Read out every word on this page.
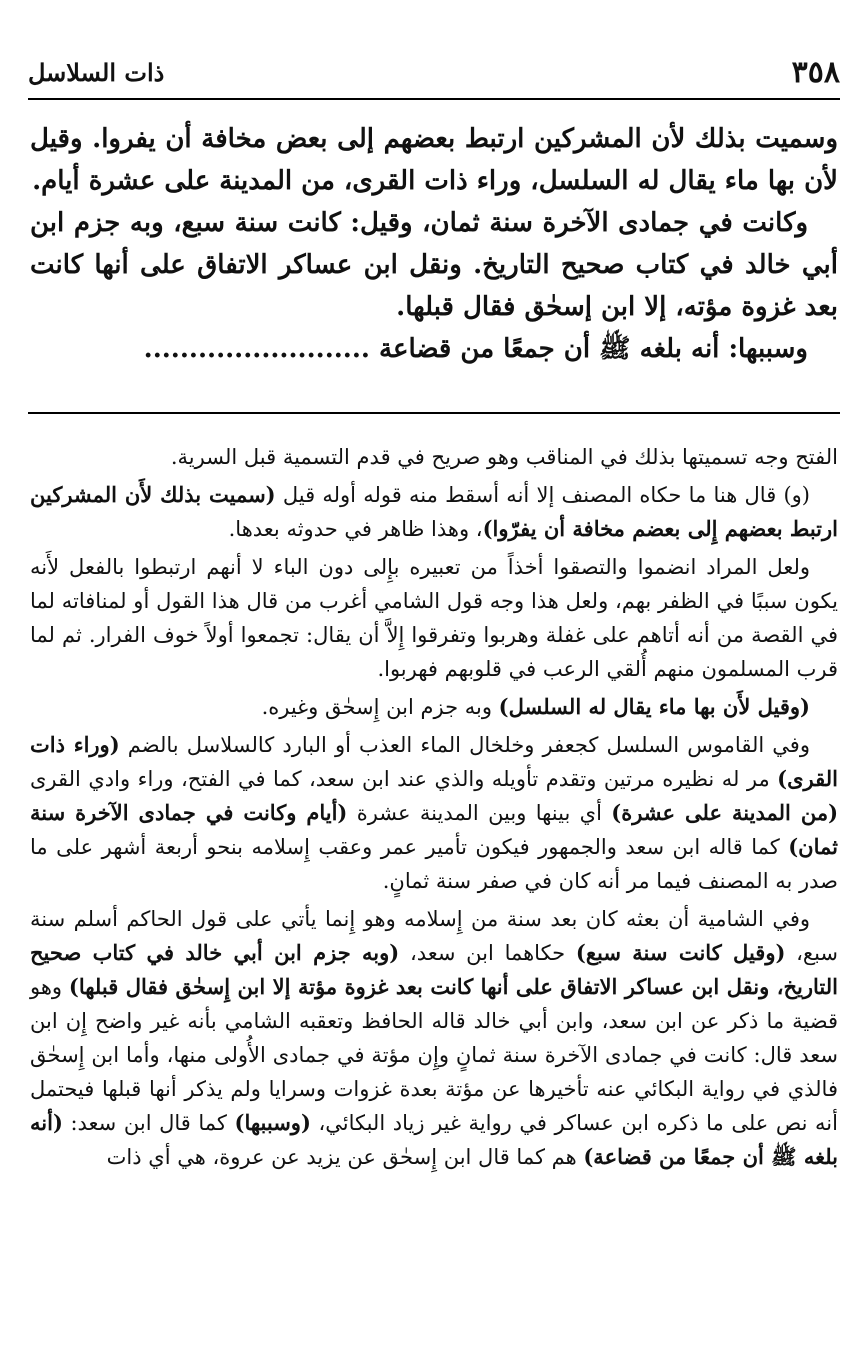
٣٥٨
ذات السلاسل

وسميت بذلك لأن المشركين ارتبط بعضهم إلى بعض مخافة أن يفروا. وقيل لأن بها ماء يقال له السلسل، وراء ذات القرى، من المدينة على عشرة أيام.

وكانت في جمادى الآخرة سنة ثمان، وقيل: كانت سنة سبع، وبه جزم ابن أبي خالد في كتاب صحيح التاريخ. ونقل ابن عساكر الاتفاق على أنها كانت بعد غزوة مؤته، إلا ابن إسحٰق فقال قبلها.

وسببها: أنه بلغه ﷺ أن جمعًا من قضاعة .........................

الفتح وجه تسميتها بذلك في المناقب وهو صريح في قدم التسمية قبل السرية.

(و) قال هنا ما حكاه المصنف إلا أنه أسقط منه قوله أوله قيل (سميت بذلك لأَن المشركين ارتبط بعضهم إِلى بعضم مخافة أن يفرّوا)، وهذا ظاهر في حدوثه بعدها.

ولعل المراد انضموا والتصقوا أخذاً من تعبيره بإِلى دون الباء لا أنهم ارتبطوا بالفعل لأَنه يكون سببًا في الظفر بهم، ولعل هذا وجه قول الشامي أغرب من قال هذا القول أو لمنافاته لما في القصة من أنه أتاهم على غفلة وهربوا وتفرقوا إِلاَّ أن يقال: تجمعوا أولاً خوف الفرار. ثم لما قرب المسلمون منهم أُلقي الرعب في قلوبهم فهربوا.

(وقيل لأَن بها ماء يقال له السلسل) وبه جزم ابن إِسحٰق وغيره.

وفي القاموس السلسل كجعفر وخلخال الماء العذب أو البارد كالسلاسل بالضم (وراء ذات القرى) مر له نظيره مرتين وتقدم تأويله والذي عند ابن سعد، كما في الفتح، وراء وادي القرى (من المدينة على عشرة) أي بينها وبين المدينة عشرة (أيام وكانت في جمادى الآخرة سنة ثمان) كما قاله ابن سعد والجمهور فيكون تأمير عمر وعقب إِسلامه بنحو أربعة أشهر على ما صدر به المصنف فيما مر أنه كان في صفر سنة ثمانٍ.

وفي الشامية أن بعثه كان بعد سنة من إِسلامه وهو إِنما يأتي على قول الحاكم أسلم سنة سبع، (وقيل كانت سنة سبع) حكاهما ابن سعد، (وبه جزم ابن أبي خالد في كتاب صحيح التاريخ، ونقل ابن عساكر الاتفاق على أنها كانت بعد غزوة مؤتة إلا ابن إِسحٰق فقال قبلها) وهو قضية ما ذكر عن ابن سعد، وابن أبي خالد قاله الحافظ وتعقبه الشامي بأنه غير واضح إِن ابن سعد قال: كانت في جمادى الآخرة سنة ثمانٍ وإِن مؤتة في جمادى الأُولى منها، وأما ابن إِسحٰق فالذي في رواية البكائي عنه تأخيرها عن مؤتة بعدة غزوات وسرايا ولم يذكر أنها قبلها فيحتمل أنه نص على ما ذكره ابن عساكر في رواية غير زياد البكائي، (وسببها) كما قال ابن سعد: (أنه بلغه ﷺ أن جمعًا من قضاعة) هم كما قال ابن إِسحٰق عن يزيد عن عروة، هي أي ذات
